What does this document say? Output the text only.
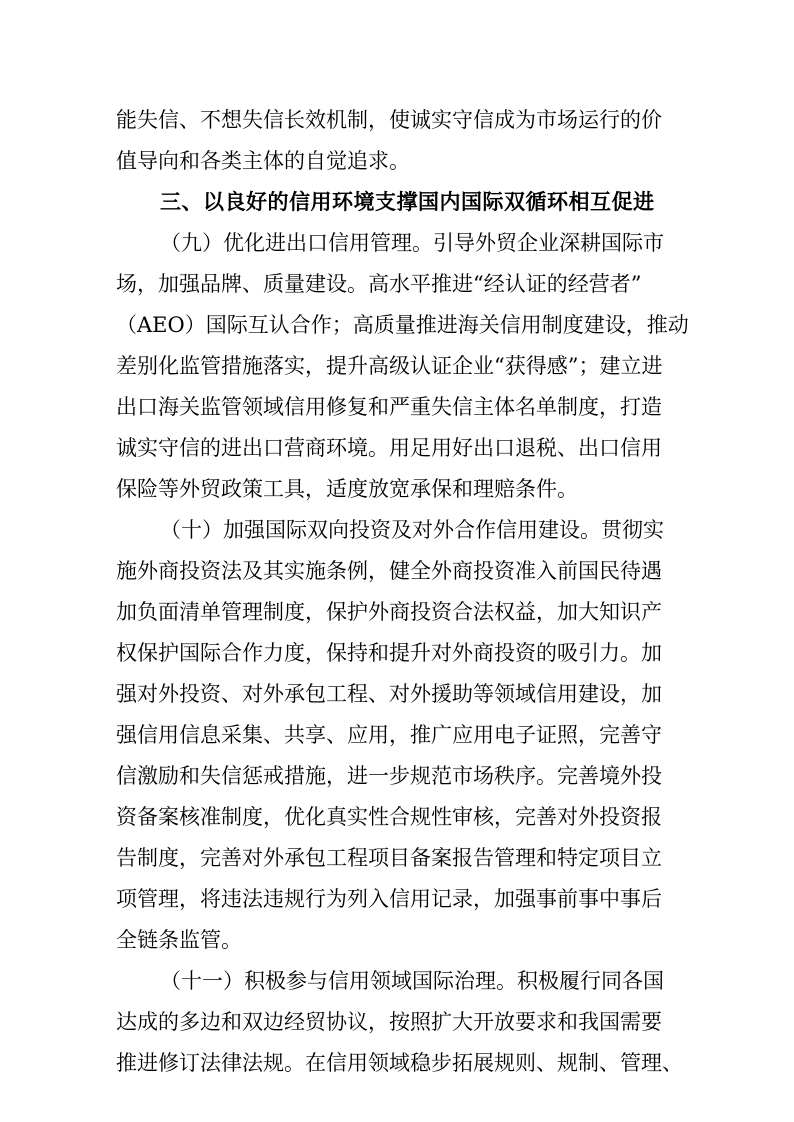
能失信、不想失信长效机制，使诚实守信成为市场运行的价
值导向和各类主体的自觉追求。
三、以良好的信用环境支撑国内国际双循环相互促进
（九）优化进出口信用管理。引导外贸企业深耕国际市
场，加强品牌、质量建设。高水平推进“经认证的经营者”
（AEO）国际互认合作；高质量推进海关信用制度建设，推动
差别化监管措施落实，提升高级认证企业“获得感”；建立进
出口海关监管领域信用修复和严重失信主体名单制度，打造
诚实守信的进出口营商环境。用足用好出口退税、出口信用
保险等外贸政策工具，适度放宽承保和理赔条件。
（十）加强国际双向投资及对外合作信用建设。贯彻实
施外商投资法及其实施条例，健全外商投资准入前国民待遇
加负面清单管理制度，保护外商投资合法权益，加大知识产
权保护国际合作力度，保持和提升对外商投资的吸引力。加
强对外投资、对外承包工程、对外援助等领域信用建设，加
强信用信息采集、共享、应用，推广应用电子证照，完善守
信激励和失信惩戒措施，进一步规范市场秩序。完善境外投
资备案核准制度，优化真实性合规性审核，完善对外投资报
告制度，完善对外承包工程项目备案报告管理和特定项目立
项管理，将违法违规行为列入信用记录，加强事前事中事后
全链条监管。
（十一）积极参与信用领域国际治理。积极履行同各国
达成的多边和双边经贸协议，按照扩大开放要求和我国需要
推进修订法律法规。在信用领域稳步拓展规则、规制、管理、
